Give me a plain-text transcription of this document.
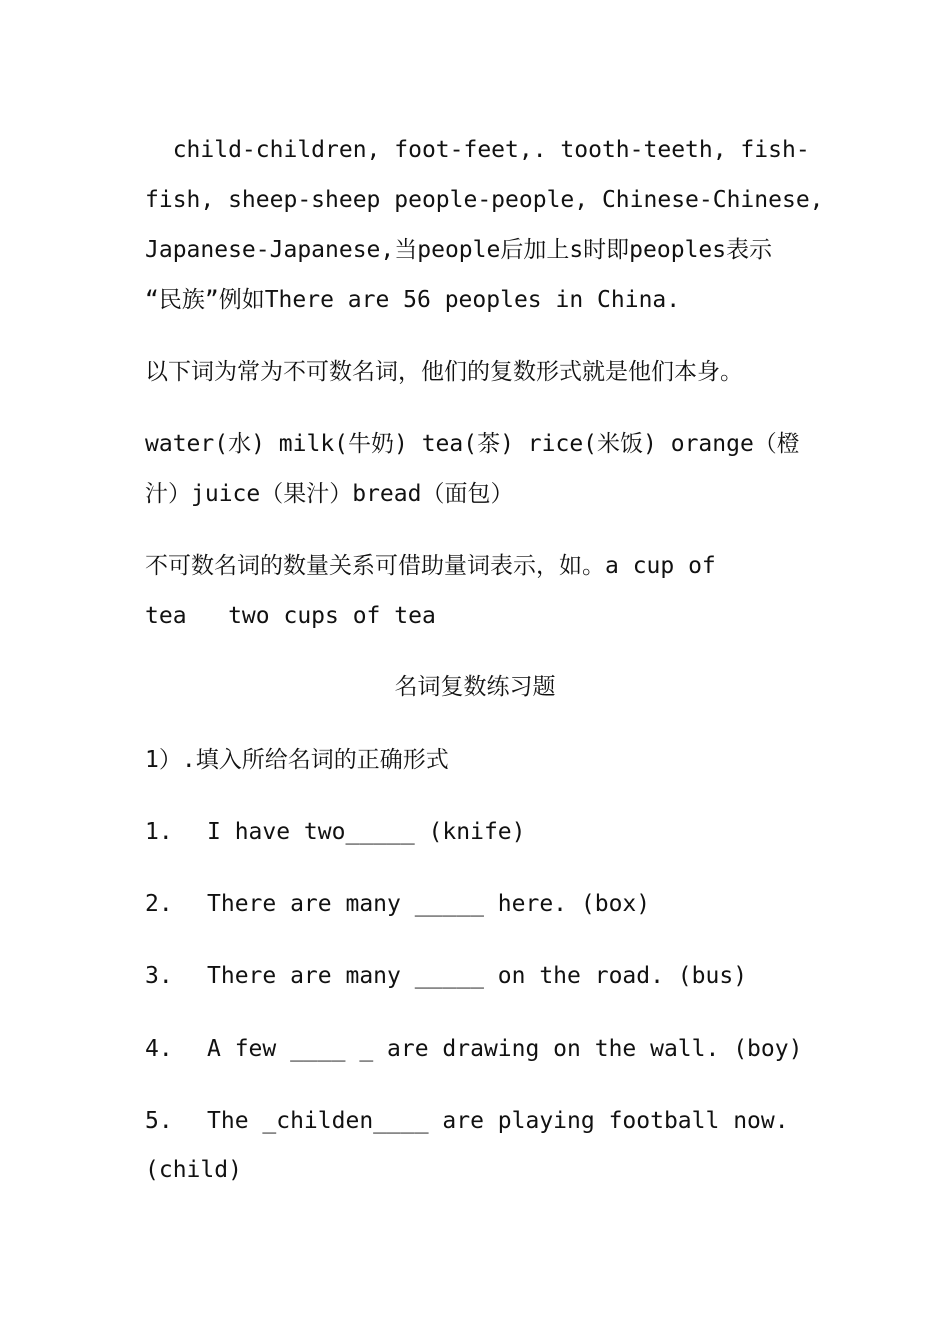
child-children, foot-feet,. tooth-teeth, fish-
fish, sheep-sheep people-people, Chinese-Chinese,
Japanese-Japanese,当people后加上s时即peoples表示
“民族”例如There are 56 peoples in China.
以下词为常为不可数名词，他们的复数形式就是他们本身。
water(水) milk(牛奶) tea(茶) rice(米饭) orange（橙
汁）juice（果汁）bread（面包）
不可数名词的数量关系可借助量词表示，如。a cup of
tea   two cups of tea
名词复数练习题
1）.填入所给名词的正确形式
1. I have two_____ (knife)
2. There are many _____ here. (box)
3. There are many _____ on the road. (bus)
4. A few ____ _ are drawing on the wall. (boy)
5. The _childen____ are playing football now.
(child)
